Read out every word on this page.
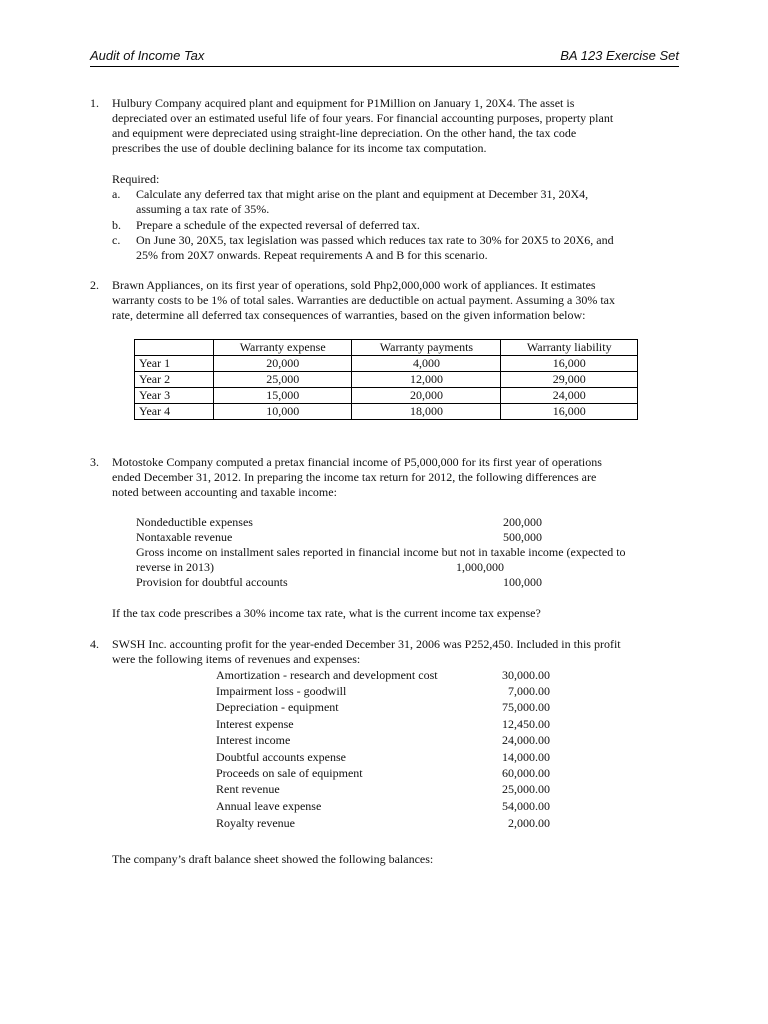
Audit of Income Tax	BA 123 Exercise Set
1. Hulbury Company acquired plant and equipment for P1Million on January 1, 20X4. The asset is
depreciated over an estimated useful life of four years. For financial accounting purposes, property plant
and equipment were depreciated using straight-line depreciation. On the other hand, the tax code
prescribes the use of double declining balance for its income tax computation.
Required:
a. Calculate any deferred tax that might arise on the plant and equipment at December 31, 20X4,
assuming a tax rate of 35%.
b. Prepare a schedule of the expected reversal of deferred tax.
c. On June 30, 20X5, tax legislation was passed which reduces tax rate to 30% for 20X5 to 20X6, and
25% from 20X7 onwards. Repeat requirements A and B for this scenario.
2. Brawn Appliances, on its first year of operations, sold Php2,000,000 work of appliances. It estimates
warranty costs to be 1% of total sales. Warranties are deductible on actual payment. Assuming a 30% tax
rate, determine all deferred tax consequences of warranties, based on the given information below:
	Warranty expense	Warranty payments	Warranty liability
Year 1	20,000	4,000	16,000
Year 2	25,000	12,000	29,000
Year 3	15,000	20,000	24,000
Year 4	10,000	18,000	16,000
3. Motostoke Company computed a pretax financial income of P5,000,000 for its first year of operations
ended December 31, 2012. In preparing the income tax return for 2012, the following differences are
noted between accounting and taxable income:
Nondeductible expenses	200,000
Nontaxable revenue	500,000
Gross income on installment sales reported in financial income but not in taxable income (expected to
reverse in 2013)	1,000,000
Provision for doubtful accounts	100,000
If the tax code prescribes a 30% income tax rate, what is the current income tax expense?
4. SWSH Inc. accounting profit for the year-ended December 31, 2006 was P252,450. Included in this profit
were the following items of revenues and expenses:
Amortization - research and development cost	30,000.00
Impairment loss - goodwill	7,000.00
Depreciation - equipment	75,000.00
Interest expense	12,450.00
Interest income	24,000.00
Doubtful accounts expense	14,000.00
Proceeds on sale of equipment	60,000.00
Rent revenue	25,000.00
Annual leave expense	54,000.00
Royalty revenue	2,000.00
The company’s draft balance sheet showed the following balances:
